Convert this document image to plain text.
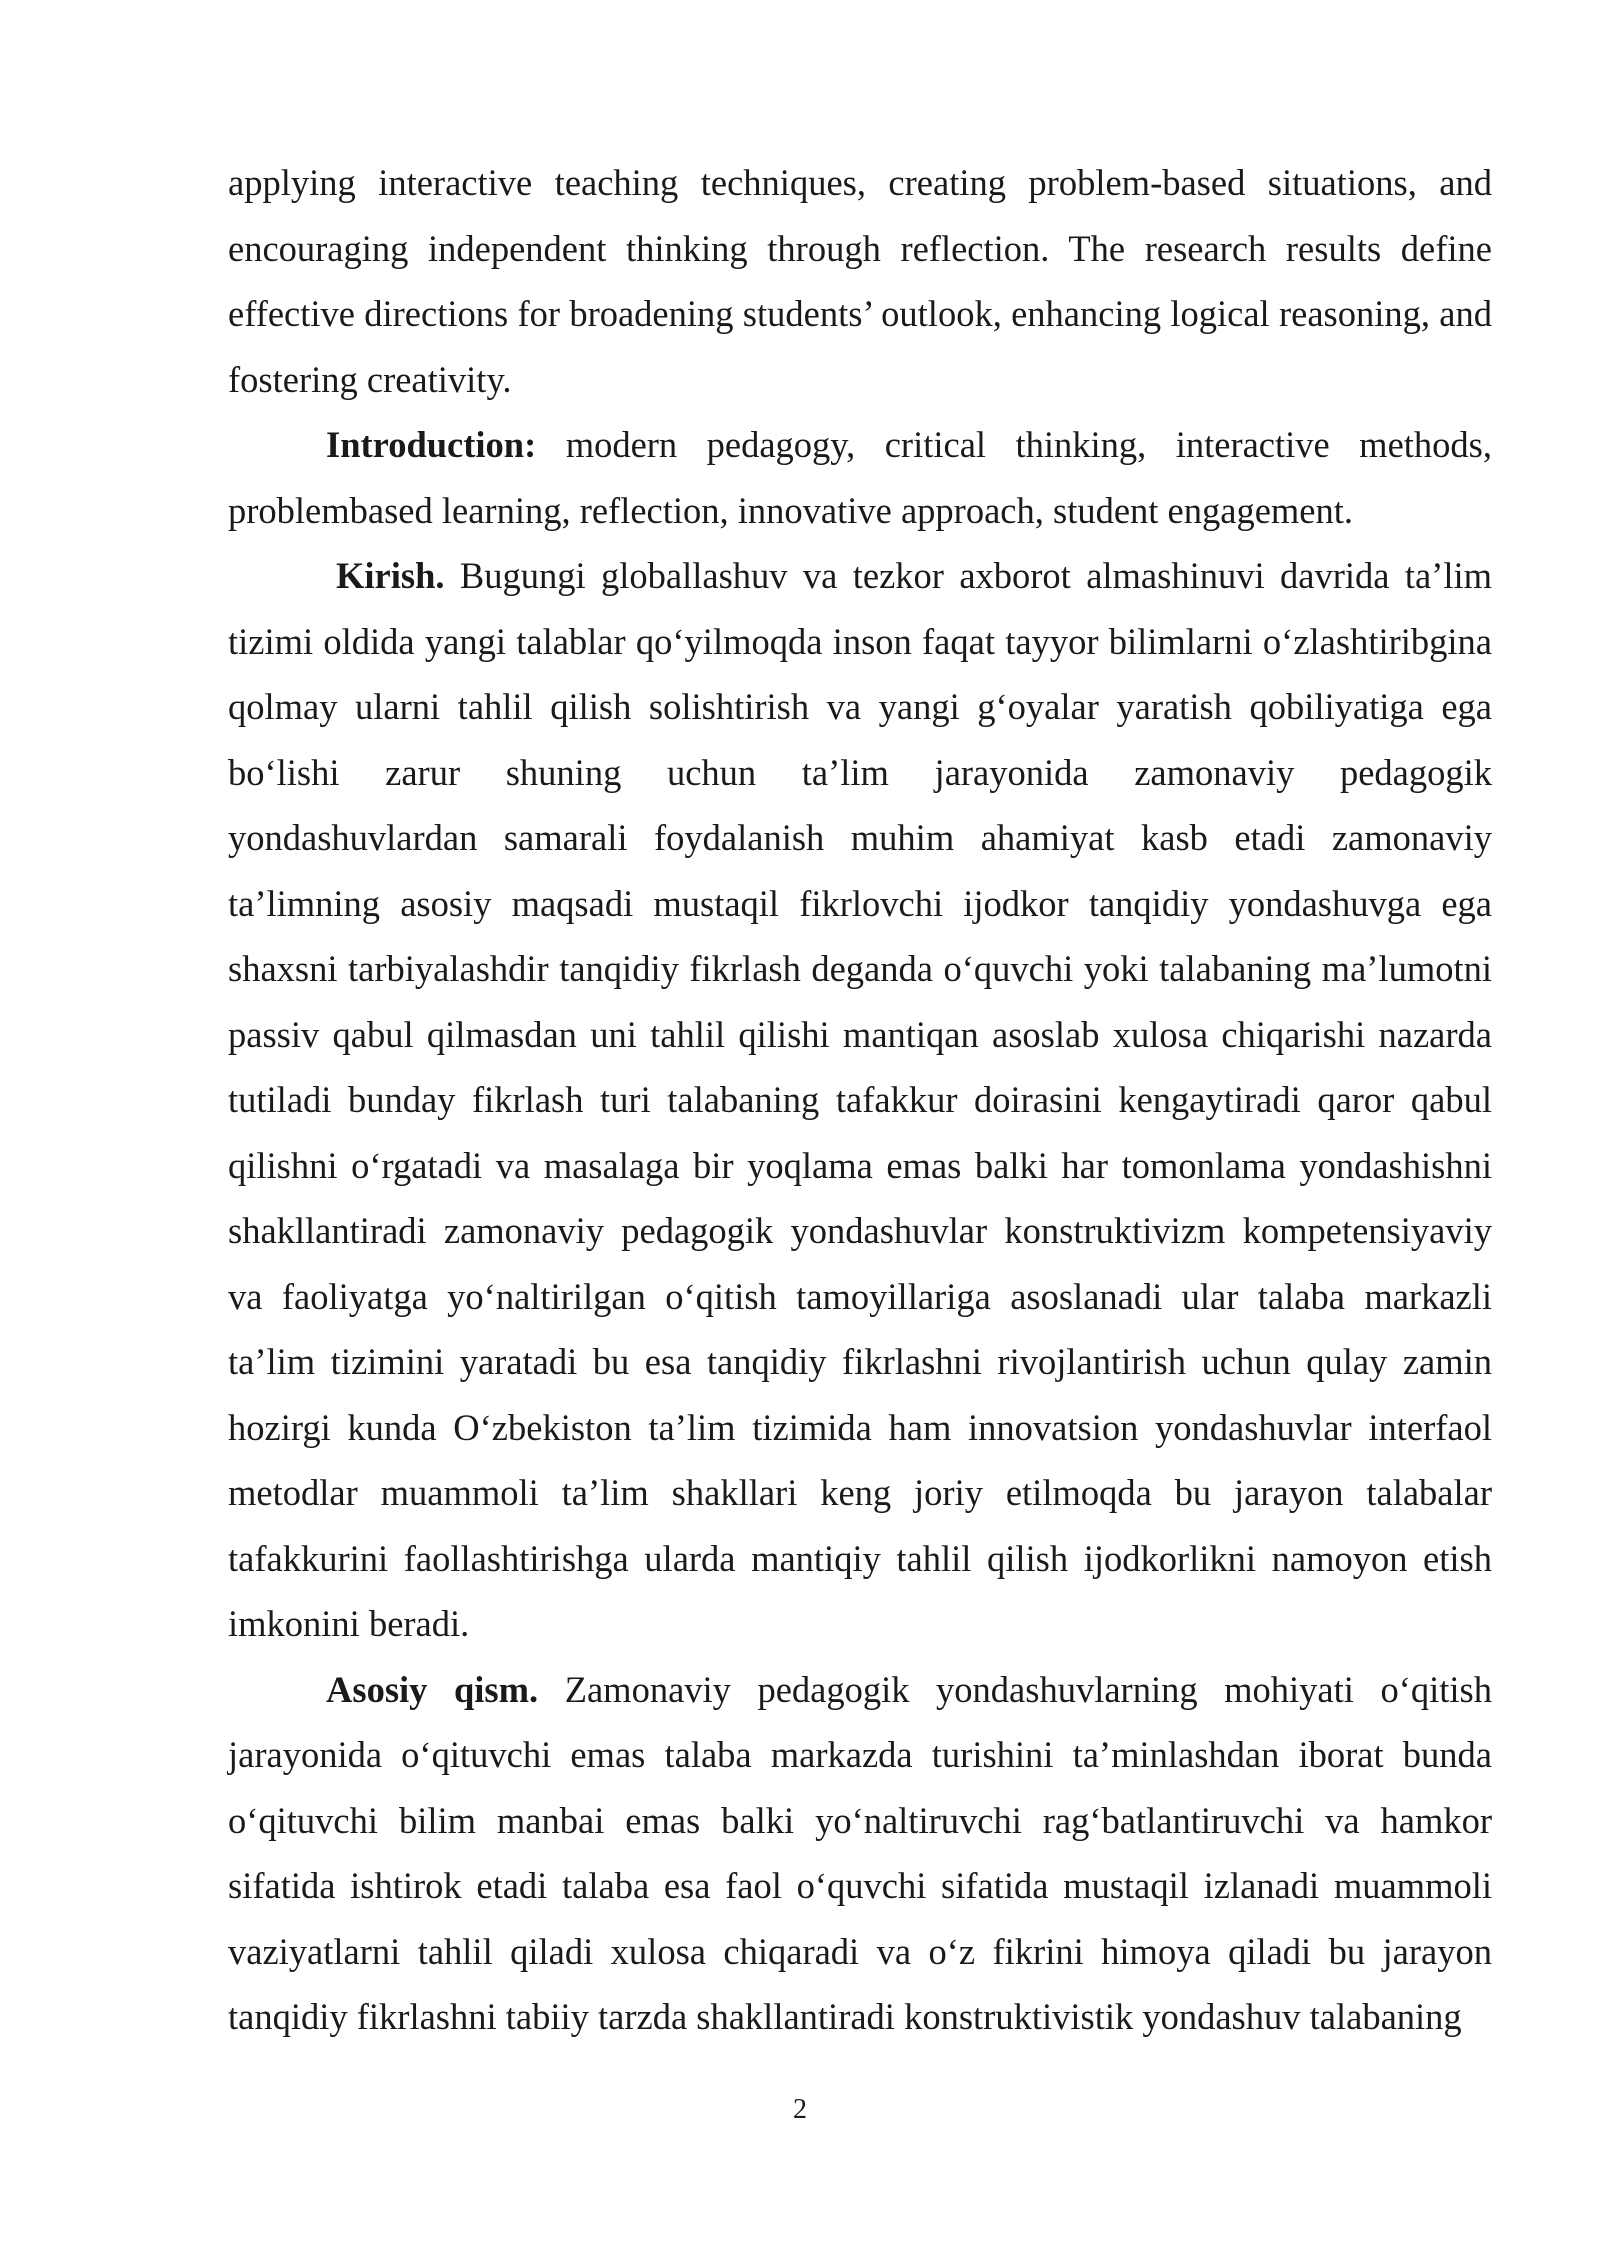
applying interactive teaching techniques, creating problem-based situations, and encouraging independent thinking through reflection. The research results define effective directions for broadening students’ outlook, enhancing logical reasoning, and fostering creativity.

Introduction: modern pedagogy, critical thinking, interactive methods, problembased learning, reflection, innovative approach, student engagement.

Kirish. Bugungi globallashuv va tezkor axborot almashinuvi davrida ta’lim tizimi oldida yangi talablar qo‘yilmoqda inson faqat tayyor bilimlarni o‘zlashtiribgina qolmay ularni tahlil qilish solishtirish va yangi g‘oyalar yaratish qobiliyatiga ega bo‘lishi zarur shuning uchun ta’lim jarayonida zamonaviy pedagogik yondashuvlardan samarali foydalanish muhim ahamiyat kasb etadi zamonaviy ta’limning asosiy maqsadi mustaqil fikrlovchi ijodkor tanqidiy yondashuvga ega shaxsni tarbiyalashdir tanqidiy fikrlash deganda o‘quvchi yoki talabaning ma’lumotni passiv qabul qilmasdan uni tahlil qilishi mantiqan asoslab xulosa chiqarishi nazarda tutiladi bunday fikrlash turi talabaning tafakkur doirasini kengaytiradi qaror qabul qilishni o‘rgatadi va masalaga bir yoqlama emas balki har tomonlama yondashishni shakllantiradi zamonaviy pedagogik yondashuvlar konstruktivizm kompetensiyaviy va faoliyatga yo‘naltirilgan o‘qitish tamoyillariga asoslanadi ular talaba markazli ta’lim tizimini yaratadi bu esa tanqidiy fikrlashni rivojlantirish uchun qulay zamin hozirgi kunda O‘zbekiston ta’lim tizimida ham innovatsion yondashuvlar interfaol metodlar muammoli ta’lim shakllari keng joriy etilmoqda bu jarayon talabalar tafakkurini faollashtirishga ularda mantiqiy tahlil qilish ijodkorlikni namoyon etish imkonini beradi.

Asosiy qism. Zamonaviy pedagogik yondashuvlarning mohiyati o‘qitish jarayonida o‘qituvchi emas talaba markazda turishini ta’minlashdan iborat bunda o‘qituvchi bilim manbai emas balki yo‘naltiruvchi rag‘batlantiruvchi va hamkor sifatida ishtirok etadi talaba esa faol o‘quvchi sifatida mustaqil izlanadi muammoli vaziyatlarni tahlil qiladi xulosa chiqaradi va o‘z fikrini himoya qiladi bu jarayon tanqidiy fikrlashni tabiiy tarzda shakllantiradi konstruktivistik yondashuv talabaning

2
